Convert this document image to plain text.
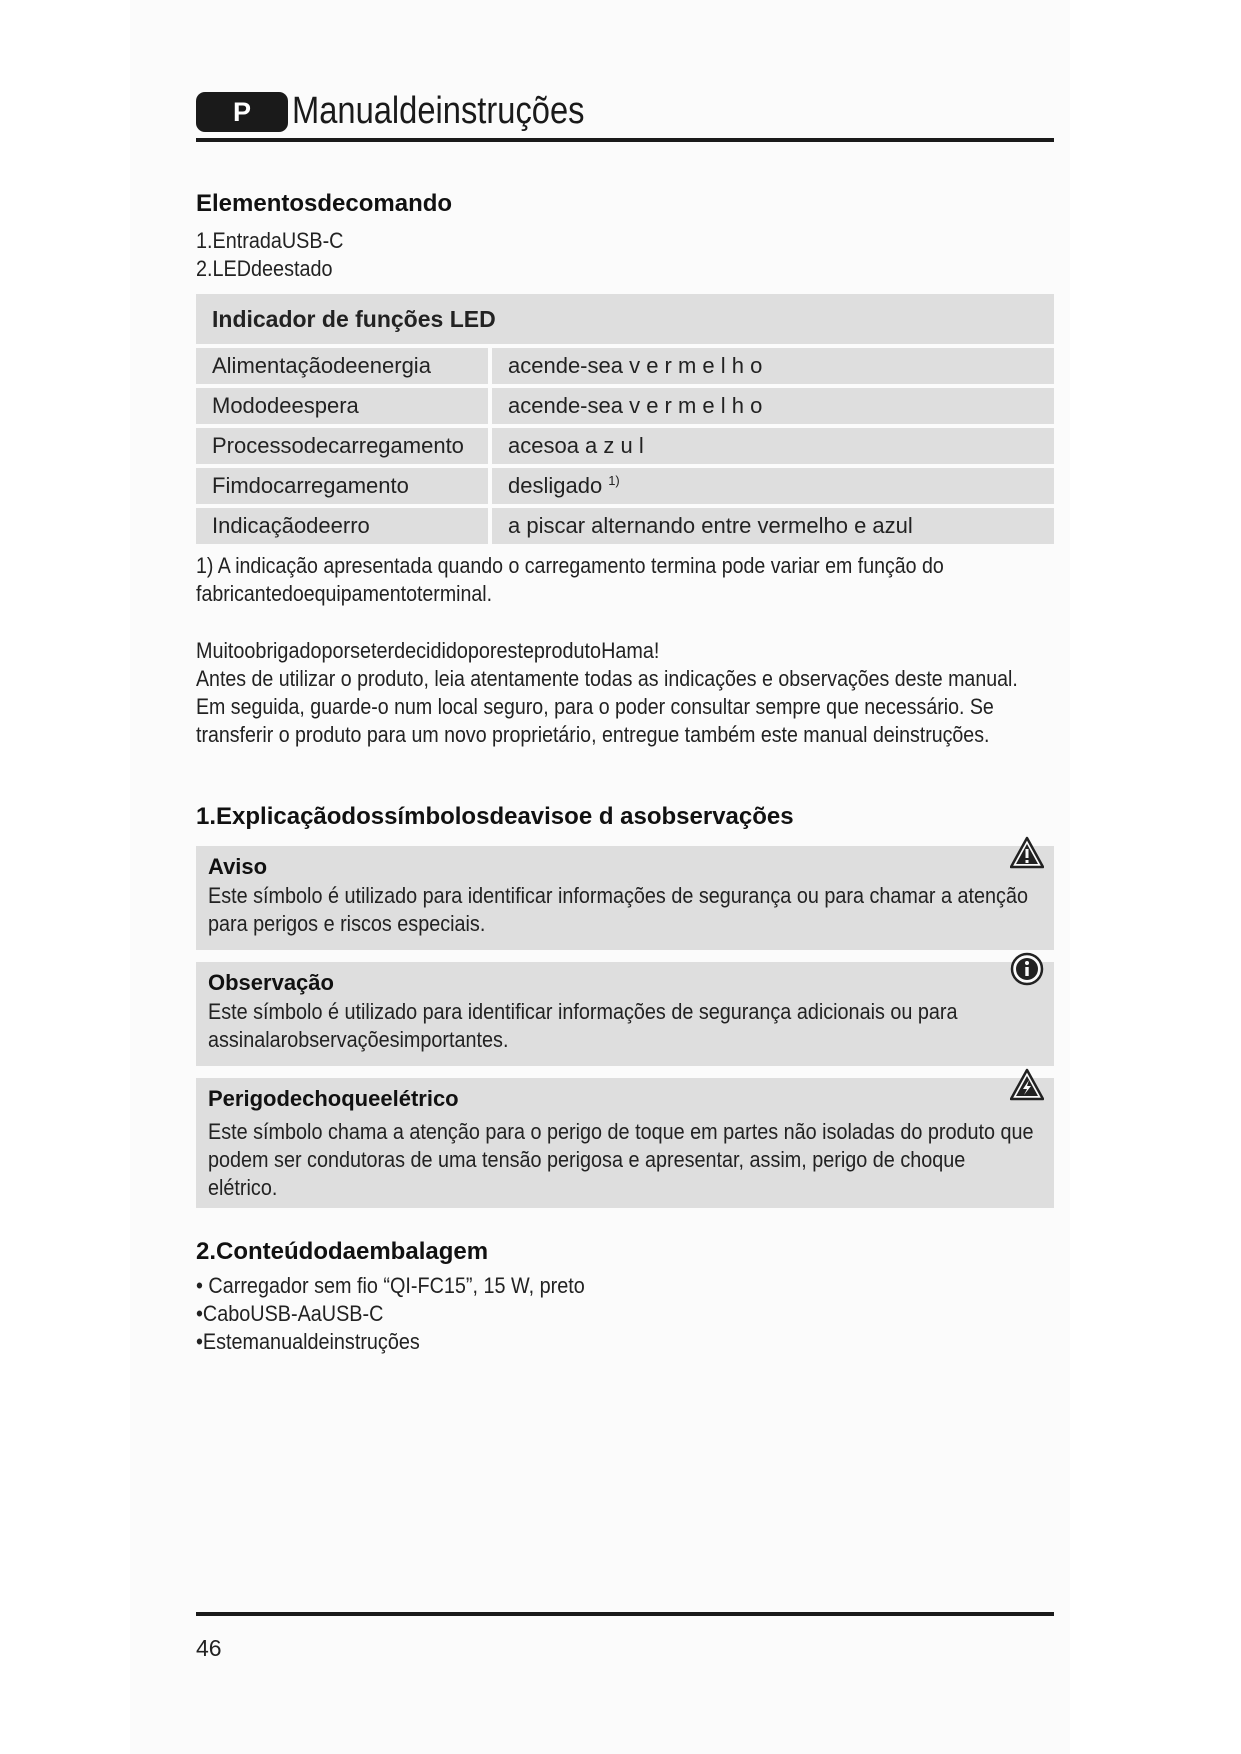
P	Manualdeinstruções
Elementosdecomando
1.EntradaUSB-C
2.LEDdeestado
Indicador de funções LED	
Alimentaçãodeenergia	acende-sea v e r m e l h o
Mododeespera	acende-sea v e r m e l h o
Processodecarregamento	acesoa a z u l
Fimdocarregamento	desligado $^{1)}$
Indicaçãodeerro	a piscar alternando entre vermelho e azul
1) A indicação apresentada quando o carregamento termina pode variar em função do fabricantedoequipamentoterminal.
MuitoobrigadoporseterdecididoporesteprodutoHama!
Antes de utilizar o produto, leia atentamente todas as indicações e observações deste manual. Em seguida, guarde-o num local seguro, para o poder consultar sempre que necessário. Se transferir o produto para um novo proprietário, entregue também este manual deinstruções.
1.Explicaçãodossímbolosdeavisoe d asobservações
Aviso
Este símbolo é utilizado para identificar informações de segurança ou para chamar a atenção para perigos e riscos especiais.
Observação
Este símbolo é utilizado para identificar informações de segurança adicionais ou para assinalarobservaçõesimportantes.
Perigodechoqueelétrico
Este símbolo chama a atenção para o perigo de toque em partes não isoladas do produto que podem ser condutoras de uma tensão perigosa e apresentar, assim, perigo de choque elétrico.
2.Conteúdodaembalagem
• Carregador sem fio “QI-FC15”, 15 W, preto
•CaboUSB-AaUSB-C
•Estemanualdeinstruções
46
